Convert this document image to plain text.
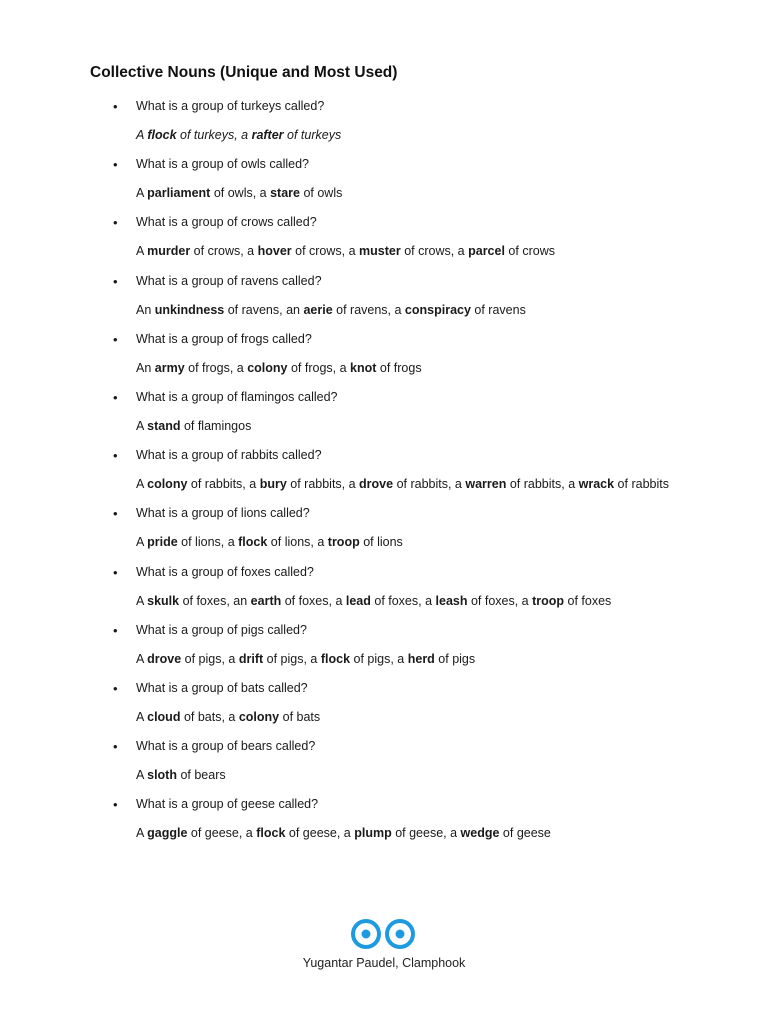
Collective Nouns (Unique and Most Used)
• What is a group of turkeys called?
A flock of turkeys, a rafter of turkeys
• What is a group of owls called?
A parliament of owls, a stare of owls
• What is a group of crows called?
A murder of crows, a hover of crows, a muster of crows, a parcel of crows
• What is a group of ravens called?
An unkindness of ravens, an aerie of ravens, a conspiracy of ravens
• What is a group of frogs called?
An army of frogs, a colony of frogs, a knot of frogs
• What is a group of flamingos called?
A stand of flamingos
• What is a group of rabbits called?
A colony of rabbits, a bury of rabbits, a drove of rabbits, a warren of rabbits, a wrack of rabbits
• What is a group of lions called?
A pride of lions, a flock of lions, a troop of lions
• What is a group of foxes called?
A skulk of foxes, an earth of foxes, a lead of foxes, a leash of foxes, a troop of foxes
• What is a group of pigs called?
A drove of pigs, a drift of pigs, a flock of pigs, a herd of pigs
• What is a group of bats called?
A cloud of bats, a colony of bats
• What is a group of bears called?
A sloth of bears
• What is a group of geese called?
A gaggle of geese, a flock of geese, a plump of geese, a wedge of geese
Yugantar Paudel, Clamphook
